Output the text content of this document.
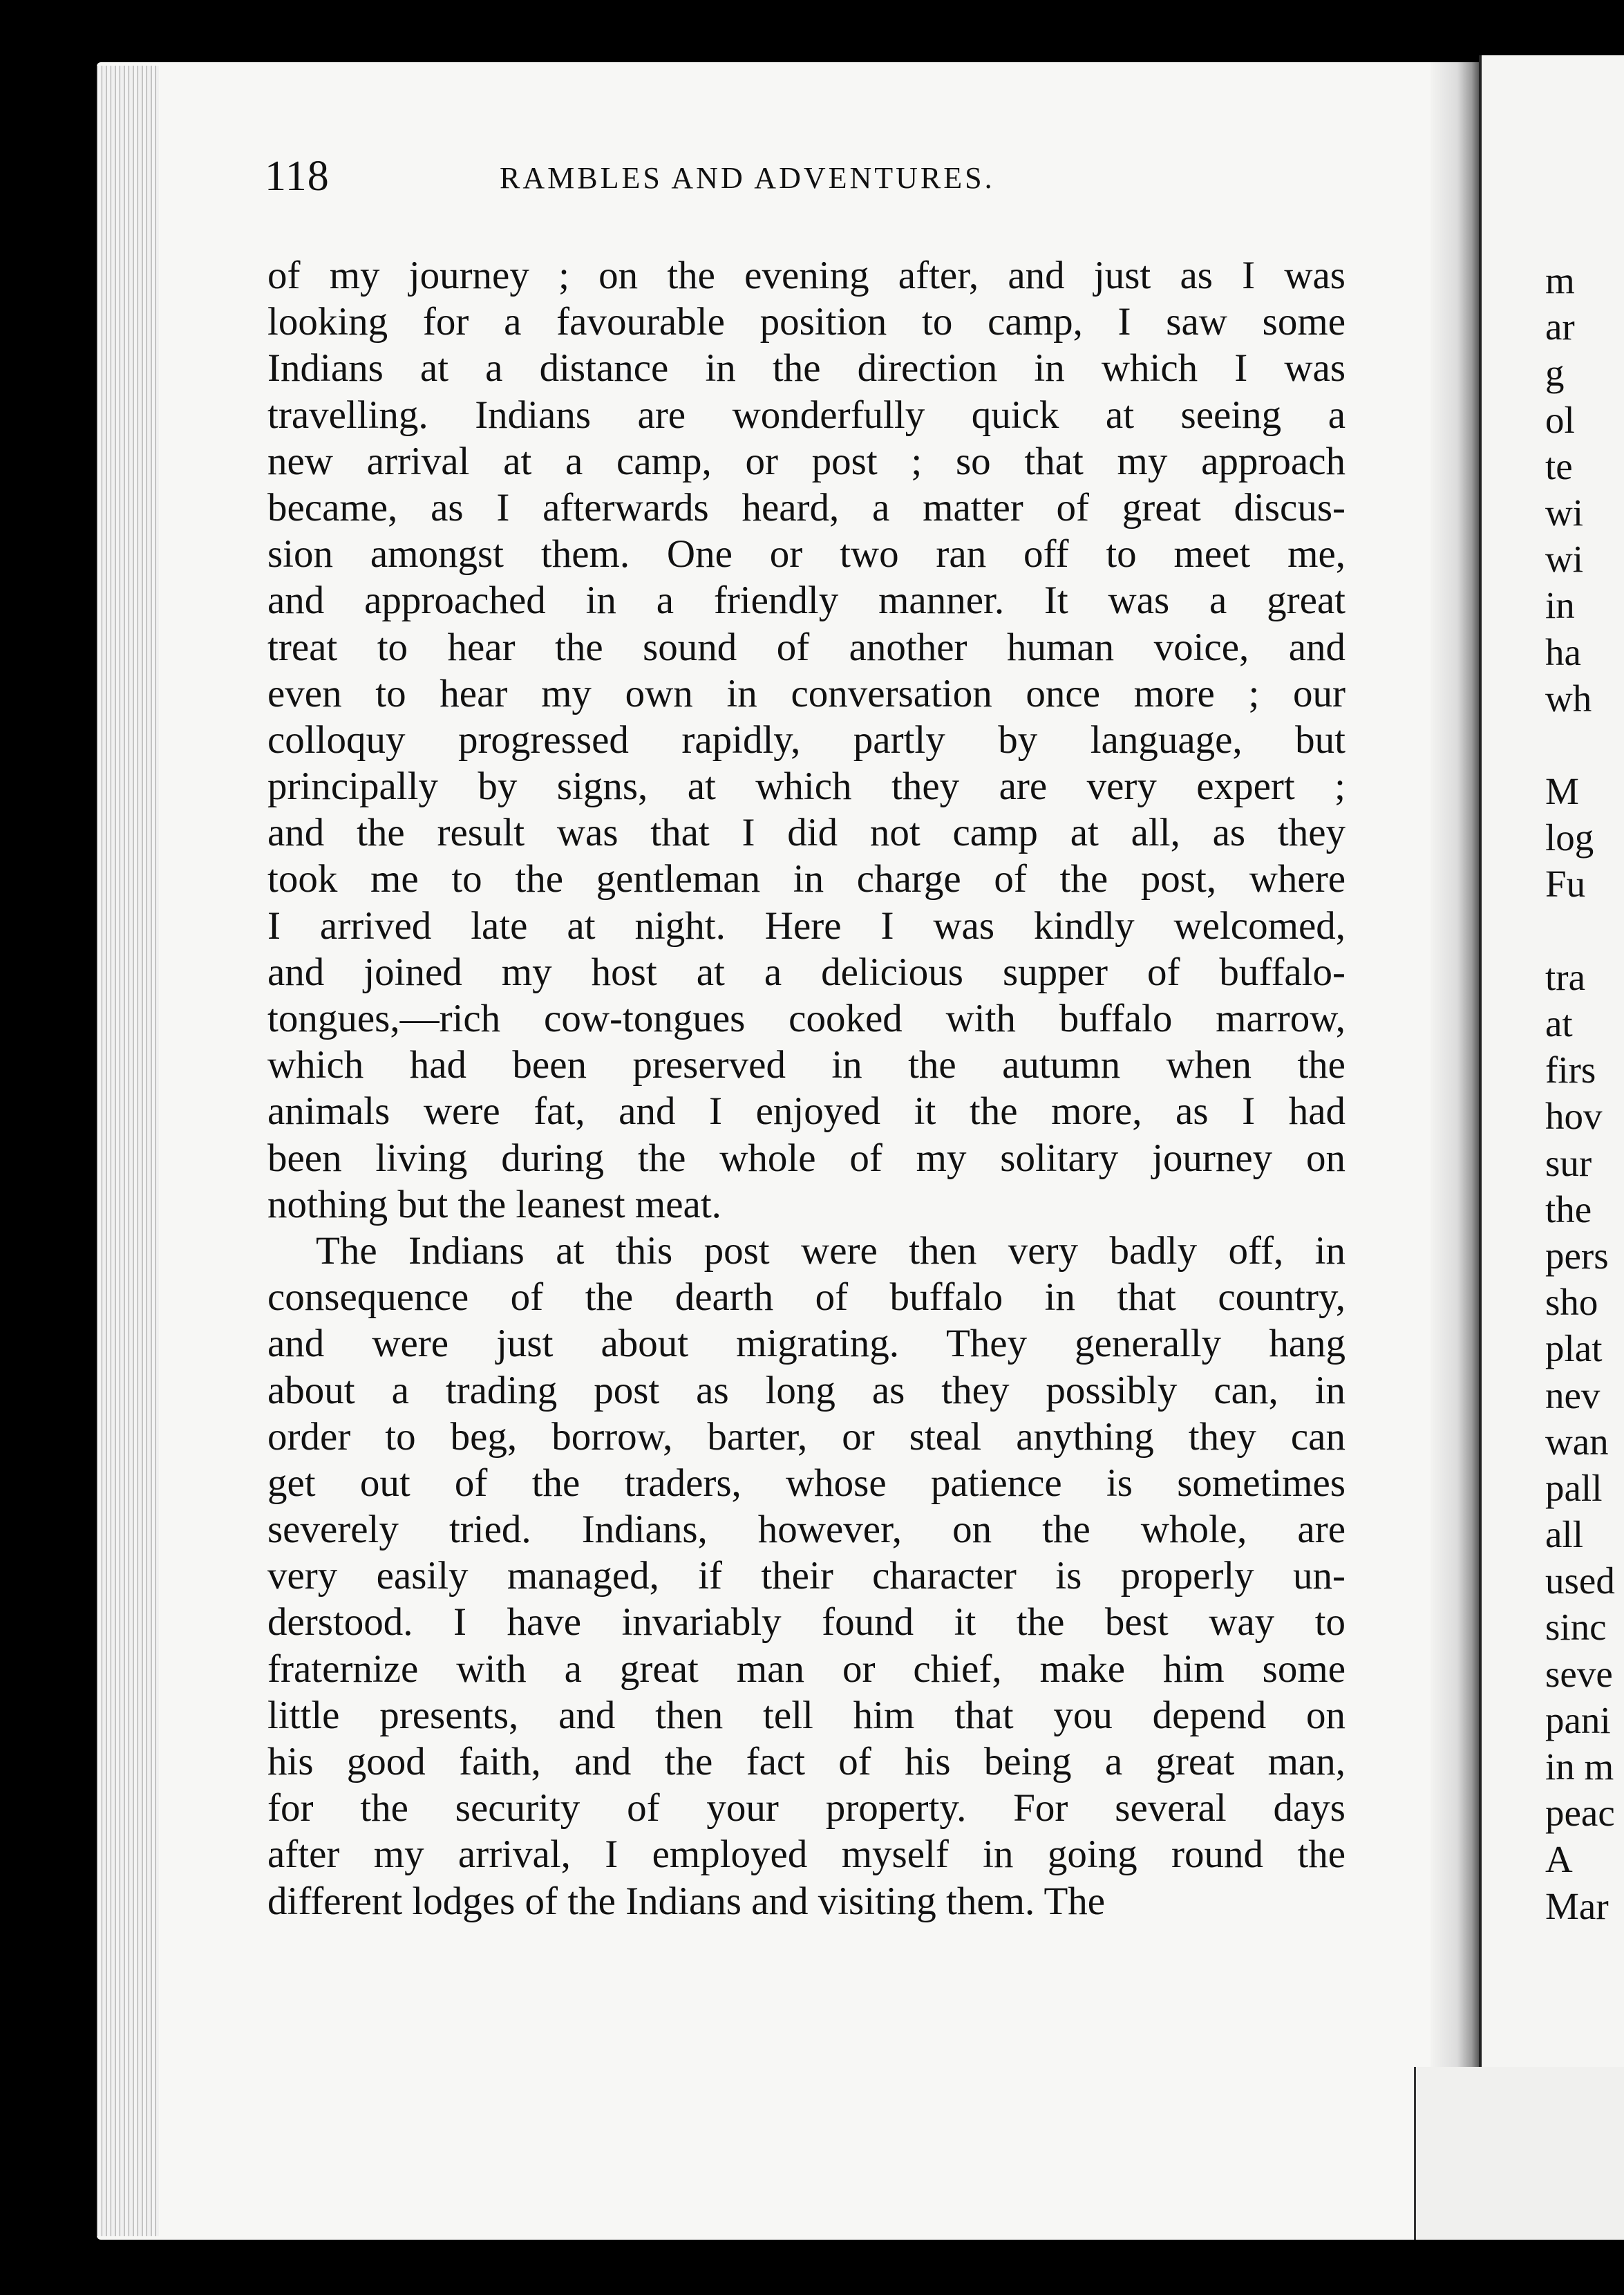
118	RAMBLES AND ADVENTURES.
of my journey ; on the evening after, and just as I was
looking for a favourable position to camp, I saw some
Indians at a distance in the direction in which I was
travelling. Indians are wonderfully quick at seeing a
new arrival at a camp, or post ; so that my approach
became, as I afterwards heard, a matter of great discus-
sion amongst them. One or two ran off to meet me,
and approached in a friendly manner. It was a great
treat to hear the sound of another human voice, and
even to hear my own in conversation once more ; our
colloquy progressed rapidly, partly by language, but
principally by signs, at which they are very expert ;
and the result was that I did not camp at all, as they
took me to the gentleman in charge of the post, where
I arrived late at night. Here I was kindly welcomed,
and joined my host at a delicious supper of buffalo-
tongues,—rich cow-tongues cooked with buffalo marrow,
which had been preserved in the autumn when the
animals were fat, and I enjoyed it the more, as I had
been living during the whole of my solitary journey on
nothing but the leanest meat.
The Indians at this post were then very badly off, in
consequence of the dearth of buffalo in that country,
and were just about migrating. They generally hang
about a trading post as long as they possibly can, in
order to beg, borrow, barter, or steal anything they can
get out of the traders, whose patience is sometimes
severely tried. Indians, however, on the whole, are
very easily managed, if their character is properly un-
derstood. I have invariably found it the best way to
fraternize with a great man or chief, make him some
little presents, and then tell him that you depend on
his good faith, and the fact of his being a great man,
for the security of your property. For several days
after my arrival, I employed myself in going round the
different lodges of the Indians and visiting them. The
m
ar
g
ol
te
wi
wi
in
ha
wh
M
log
Fu
tra
at
firs
hov
sur
the
pers
sho
plat
nev
wan
pall
all
used
sinc
seve
pani
in m
peac
A
Mar
